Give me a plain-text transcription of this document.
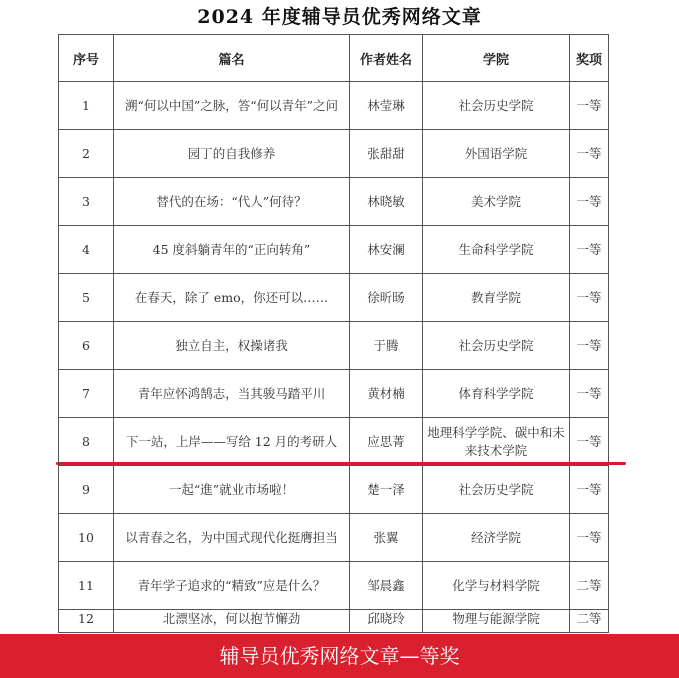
2024 年度辅导员优秀网络文章
序号	篇名	作者姓名	学院	奖项
1	溯“何以中国”之脉，答“何以青年”之问	林莹琳	社会历史学院	一等
2	园丁的自我修养	张甜甜	外国语学院	一等
3	替代的在场：“代人”何待？	林晓敏	美术学院	一等
4	45 度斜躺青年的“正向转角”	林安澜	生命科学学院	一等
5	在春天，除了 emo，你还可以……	徐昕旸	教育学院	一等
6	独立自主，权操诸我	于腾	社会历史学院	一等
7	青年应怀鸿鹄志，当其骏马踏平川	黄材楠	体育科学学院	一等
8	下一站，上岸——写给 12 月的考研人	应思菁	地理科学学院、碳中和未来技术学院	一等
9	一起“進”就业市场啦！	楚一泽	社会历史学院	一等
10	以青春之名，为中国式现代化挺膺担当	张翼	经济学院	一等
11	青年学子追求的“精致”应是什么？	邹晨鑫	化学与材料学院	二等
12	北漂坚冰，何以抱节懈劲	邱晓玲	物理与能源学院	二等
辅导员优秀网络文章—等奖
